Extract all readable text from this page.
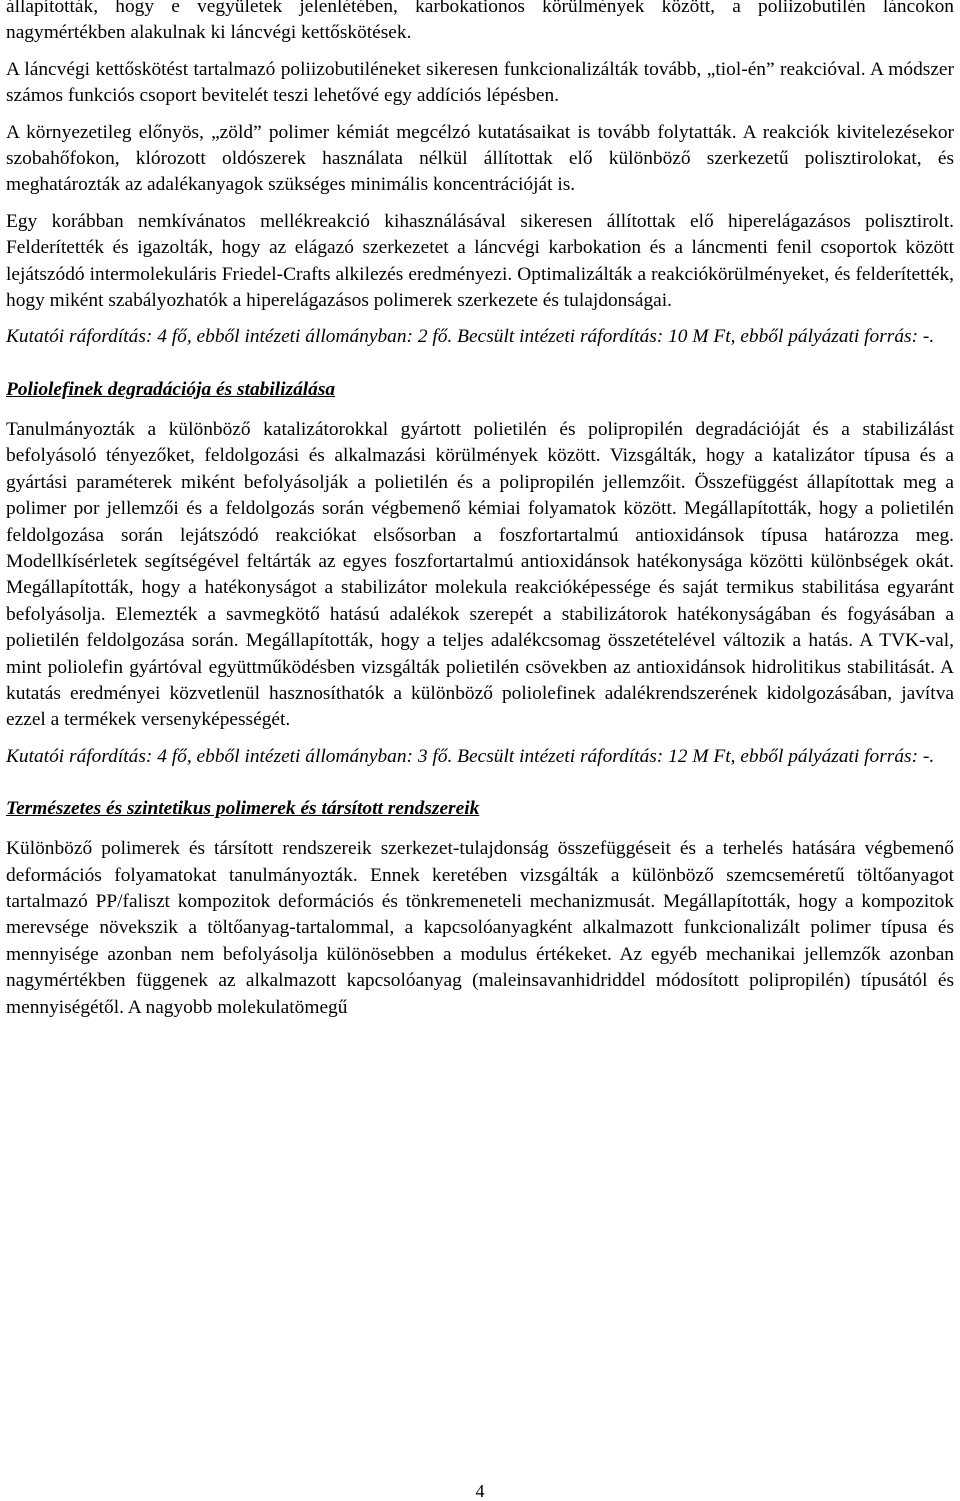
állapították, hogy e vegyületek jelenlétében, karbokationos körülmények között, a poliizobutilén láncokon nagymértékben alakulnak ki láncvégi kettőskötések.

A láncvégi kettőskötést tartalmazó poliizobutiléneket sikeresen funkcionalizálták tovább, „tiol-én” reakcióval. A módszer számos funkciós csoport bevitelét teszi lehetővé egy addíciós lépésben.

A környezetileg előnyös, „zöld” polimer kémiát megcélzó kutatásaikat is tovább folytatták. A reakciók kivitelezésekor szobahőfokon, klórozott oldószerek használata nélkül állítottak elő különböző szerkezetű polisztirolokat, és meghatározták az adalékanyagok szükséges minimális koncentrációját is.

Egy korábban nemkívánatos mellékreakció kihasználásával sikeresen állítottak elő hiperelágazásos polisztirolt. Felderítették és igazolták, hogy az elágazó szerkezetet a láncvégi karbokation és a láncmenti fenil csoportok között lejátszódó intermolekuláris Friedel-Crafts alkilezés eredményezi. Optimalizálták a reakciókörülményeket, és felderítették, hogy miként szabályozhatók a hiperelágazásos polimerek szerkezete és tulajdonságai.

Kutatói ráfordítás: 4 fő, ebből intézeti állományban: 2 fő. Becsült intézeti ráfordítás: 10 M Ft, ebből pályázati forrás: -.

Poliolefinek degradációja és stabilizálása

Tanulmányozták a különböző katalizátorokkal gyártott polietilén és polipropilén degradációját és a stabilizálást befolyásoló tényezőket, feldolgozási és alkalmazási körülmények között. Vizsgálták, hogy a katalizátor típusa és a gyártási paraméterek miként befolyásolják a polietilén és a polipropilén jellemzőit. Összefüggést állapítottak meg a polimer por jellemzői és a feldolgozás során végbemenő kémiai folyamatok között. Megállapították, hogy a polietilén feldolgozása során lejátszódó reakciókat elsősorban a foszfortartalmú antioxidánsok típusa határozza meg. Modellkísérletek segítségével feltárták az egyes foszfortartalmú antioxidánsok hatékonysága közötti különbségek okát. Megállapították, hogy a hatékonyságot a stabilizátor molekula reakcióképessége és saját termikus stabilitása egyaránt befolyásolja. Elemezték a savmegkötő hatású adalékok szerepét a stabilizátorok hatékonyságában és fogyásában a polietilén feldolgozása során. Megállapították, hogy a teljes adalékcsomag összetételével változik a hatás. A TVK-val, mint poliolefin gyártóval együttműködésben vizsgálták polietilén csövekben az antioxidánsok hidrolitikus stabilitását. A kutatás eredményei közvetlenül hasznosíthatók a különböző poliolefinek adalékrendszerének kidolgozásában, javítva ezzel a termékek versenyképességét.

Kutatói ráfordítás: 4 fő, ebből intézeti állományban: 3 fő. Becsült intézeti ráfordítás: 12 M Ft, ebből pályázati forrás: -.

Természetes és szintetikus polimerek és társított rendszereik

Különböző polimerek és társított rendszereik szerkezet-tulajdonság összefüggéseit és a terhelés hatására végbemenő deformációs folyamatokat tanulmányozták. Ennek keretében vizsgálták a különböző szemcseméretű töltőanyagot tartalmazó PP/faliszt kompozitok deformációs és tönkremeneteli mechanizmusát. Megállapították, hogy a kompozitok merevsége növekszik a töltőanyag-tartalommal, a kapcsolóanyagként alkalmazott funkcionalizált polimer típusa és mennyisége azonban nem befolyásolja különösebben a modulus értékeket. Az egyéb mechanikai jellemzők azonban nagymértékben függenek az alkalmazott kapcsolóanyag (maleinsavanhidriddel módosított polipropilén) típusától és mennyiségétől. A nagyobb molekulatömegű

4
